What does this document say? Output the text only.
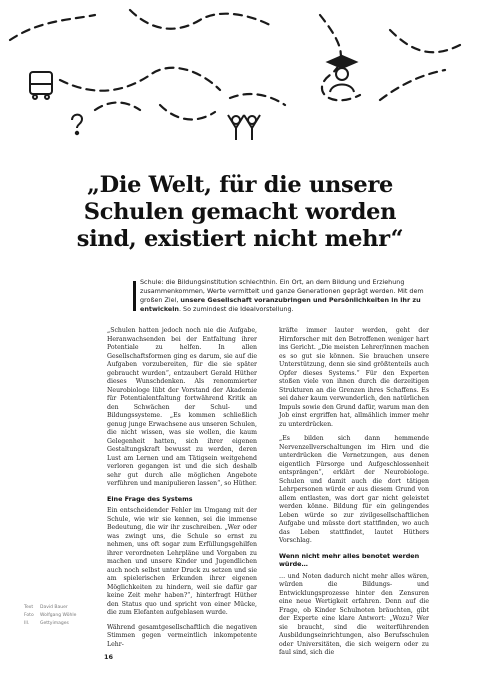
„Die Welt, für die unsere
Schulen gemacht worden
sind, existiert nicht mehr“

Schule: die Bildungsinstitution schlechthin. Ein Ort, an dem Bildung und Erziehung zusammenkommen, Werte vermittelt und ganze Generationen geprägt werden. Mit dem großen Ziel, unsere Gesellschaft voranzubringen und Persönlichkeiten in ihr zu entwickeln. So zumindest die Idealvorstellung.

„Schulen hatten jedoch noch nie die Aufgabe, Heranwachsenden bei der Entfaltung ihrer Potentiale zu helfen. In allen Gesellschaftsformen ging es darum, sie auf die Aufgaben vorzubereiten, für die sie später gebraucht wurden“, entzaubert Gerald Hüther dieses Wunschdenken. Als renommierter Neurobiologe lübt der Vorstand der Akademie für Potentialentfaltung fortwährend Kritik an den Schwächen der Schul- und Bildungssysteme. „Es kommen schließlich genug junge Erwachsene aus unseren Schulen, die nicht wissen, was sie wollen, die kaum Gelegenheit hatten, sich ihrer eigenen Gestaltungskraft bewusst zu werden, deren Lust am Lernen und am Tätigsein weitgehend verloren gegangen ist und die sich deshalb sehr gut durch alle möglichen Angebote verführen und manipulieren lassen“, so Hüther.

Eine Frage des Systems

Ein entscheidender Fehler im Umgang mit der Schule, wie wir sie kennen, sei die immense Bedeutung, die wir ihr zuschreiben. „Wer oder was zwingt uns, die Schule so ernst zu nehmen, uns oft sogar zum Erfüllungsgehilfen ihrer verordneten Lehrpläne und Vorgaben zu machen und unsere Kinder und Jugendlichen auch noch selbst unter Druck zu setzen und sie am spielerischen Erkunden ihrer eigenen Möglichkeiten zu hindern, weil sie dafür gar keine Zeit mehr haben?“, hinterfragt Hüther den Status quo und spricht von einer Mücke, die zum Elefanten aufgeblasen wurde.

Während gesamtgesellschaftlich die negativen Stimmen gegen vermeintlich inkompetente Lehr-

kräfte immer lauter werden, geht der Hirnforscher mit den Betroffenen weniger hart ins Gericht. „Die meisten Lehrer/innen machen es so gut sie können. Sie brauchen unsere Unterstützung, denn sie sind größtenteils auch Opfer dieses Systems.“ Für den Experten stoßen viele von ihnen durch die derzeitigen Strukturen an die Grenzen ihres Schaffens. Es sei daher kaum verwunderlich, den natürlichen Impuls sowie den Grund dafür, warum man den Job einst ergriffen hat, allmählich immer mehr zu unterdrücken.

„Es bilden sich dann hemmende Nervenzellverschaltungen im Hirn und die unterdrücken die Vernetzungen, aus denen eigentlich Fürsorge und Aufgeschlossenheit entsprängen“, erklärt der Neurobiologe. Schulen und damit auch die dort tätigen Lehrpersonen würde er aus diesem Grund von allem entlasten, was dort gar nicht geleistet werden könne. Bildung für ein gelingendes Leben würde so zur zivilgesellschaftlichen Aufgabe und müsste dort stattfinden, wo auch das Leben stattfindet, lautet Hüthers Vorschlag.

Wenn nicht mehr alles benotet werden würde…

… und Noten dadurch nicht mehr alles wären, würden die Bildungs- und Entwicklungsprozesse hinter den Zensuren eine neue Wertigkeit erfahren. Denn auf die Frage, ob Kinder Schulnoten bräuchten, gibt der Experte eine klare Antwort: „Wozu? Wer sie braucht, sind die weiterführenden Ausbildungseinrichtungen, also Berufsschulen oder Universitäten, die sich weigern oder zu faul sind, sich die

Text	David Bauer
Foto	Wolfgang Wöhle
Ill.	Gettyimages
16
